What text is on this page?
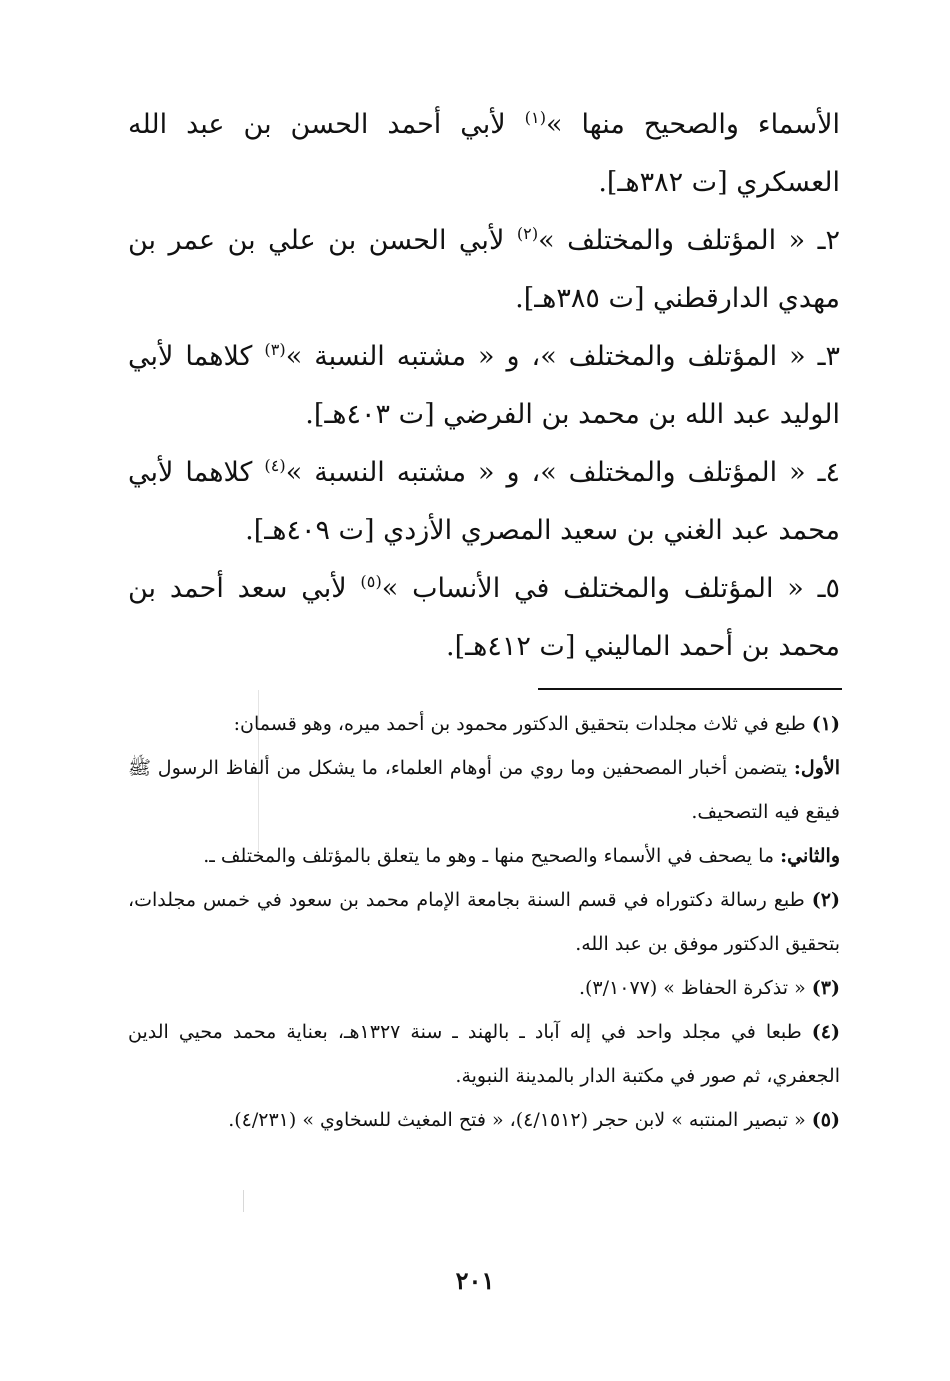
الأسماء والصحيح منها »$^{(١)}$ لأبي أحمد الحسن بن عبد الله العسكري [ت ٣٨٢هـ].

٢ـ « المؤتلف والمختلف »$^{(٢)}$ لأبي الحسن بن علي بن عمر بن مهدي الدارقطني [ت ٣٨٥هـ].

٣ـ « المؤتلف والمختلف »، و « مشتبه النسبة »$^{(٣)}$ كلاهما لأبي الوليد عبد الله بن محمد بن الفرضي [ت ٤٠٣هـ].

٤ـ « المؤتلف والمختلف »، و « مشتبه النسبة »$^{(٤)}$ كلاهما لأبي محمد عبد الغني بن سعيد المصري الأزدي [ت ٤٠٩هـ].

٥ـ « المؤتلف والمختلف في الأنساب »$^{(٥)}$ لأبي سعد أحمد بن محمد بن أحمد الماليني [ت ٤١٢هـ].

(١) طبع في ثلاث مجلدات بتحقيق الدكتور محمود بن أحمد ميره، وهو قسمان:

الأول: يتضمن أخبار المصحفين وما روي من أوهام العلماء، ما يشكل من ألفاظ الرسول ﷺ فيقع فيه التصحيف.

والثاني: ما يصحف في الأسماء والصحيح منها ـ وهو ما يتعلق بالمؤتلف والمختلف ـ.

(٢) طبع رسالة دكتوراه في قسم السنة بجامعة الإمام محمد بن سعود في خمس مجلدات، بتحقيق الدكتور موفق بن عبد الله.

(٣) « تذكرة الحفاظ » (٣/١٠٧٧).

(٤) طبعا في مجلد واحد في إله آباد ـ بالهند ـ سنة ١٣٢٧هـ، بعناية محمد محيي الدين الجعفري، ثم صور في مكتبة الدار بالمدينة النبوية.

(٥) « تبصير المنتبه » لابن حجر (٤/١٥١٢)، « فتح المغيث للسخاوي » (٤/٢٣١).

٢٠١
